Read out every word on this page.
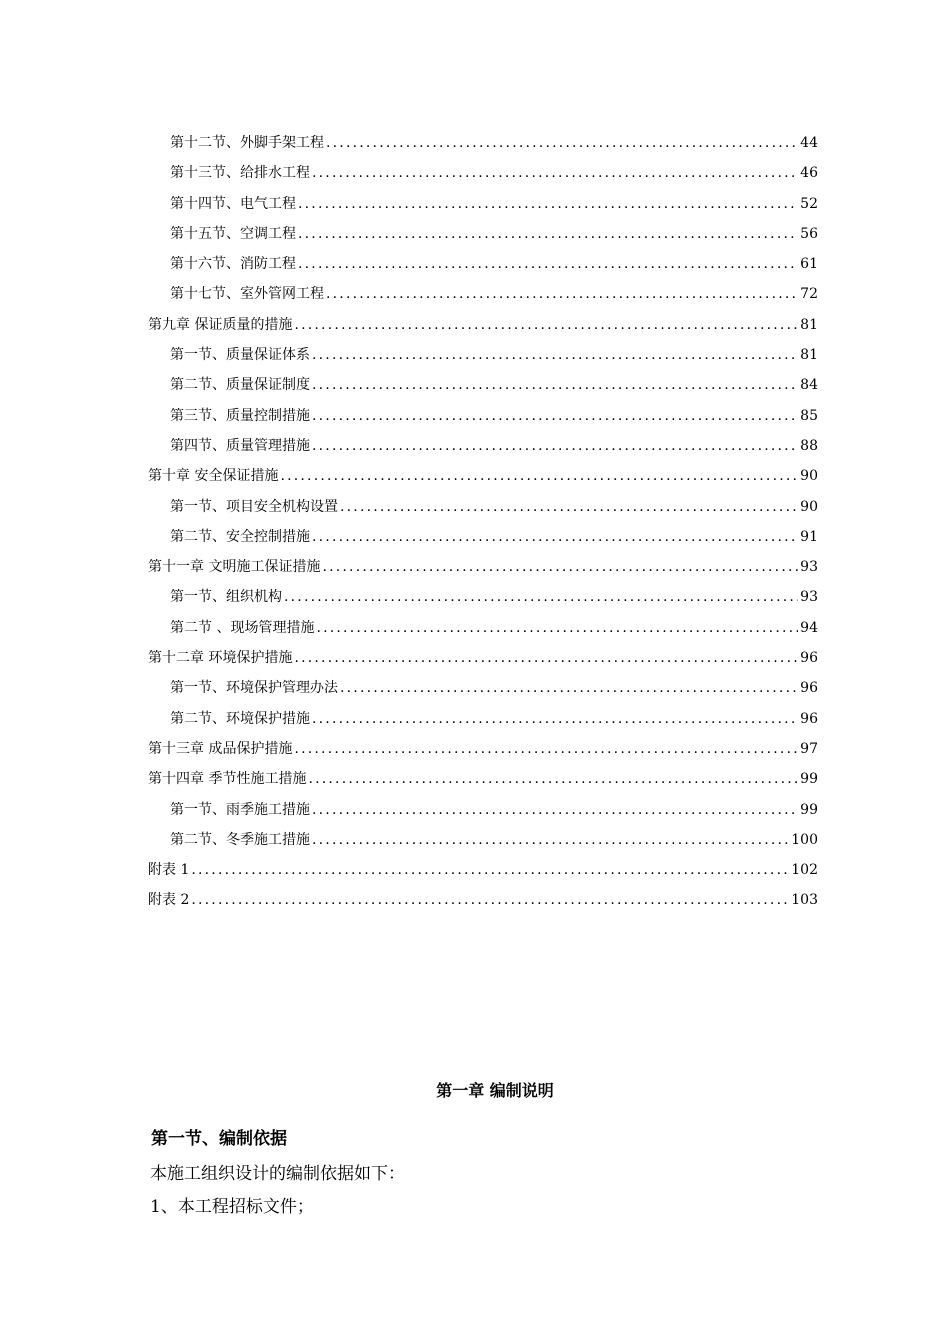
第十二节、外脚手架工程 .....	44
第十三节、给排水工程 .....	46
第十四节、电气工程 .....	52
第十五节、空调工程 .....	56
第十六节、消防工程 .....	61
第十七节、室外管网工程 .....	72
第九章 保证质量的措施 .....	81
第一节、质量保证体系 .....	81
第二节、质量保证制度 .....	84
第三节、质量控制措施 .....	85
第四节、质量管理措施 .....	88
第十章 安全保证措施 .....	90
第一节、项目安全机构设置 .....	90
第二节、安全控制措施 .....	91
第十一章 文明施工保证措施 .....	93
第一节、组织机构 .....	93
第二节 、现场管理措施 .....	94
第十二章 环境保护措施 .....	96
第一节、环境保护管理办法 .....	96
第二节、环境保护措施 .....	96
第十三章 成品保护措施 .....	97
第十四章 季节性施工措施 .....	99
第一节、雨季施工措施 .....	99
第二节、冬季施工措施 .....	100
附表 1 .....	102
附表 2 .....	103
第一章 编制说明
第一节、编制依据

本施工组织设计的编制依据如下：

1、本工程招标文件；
